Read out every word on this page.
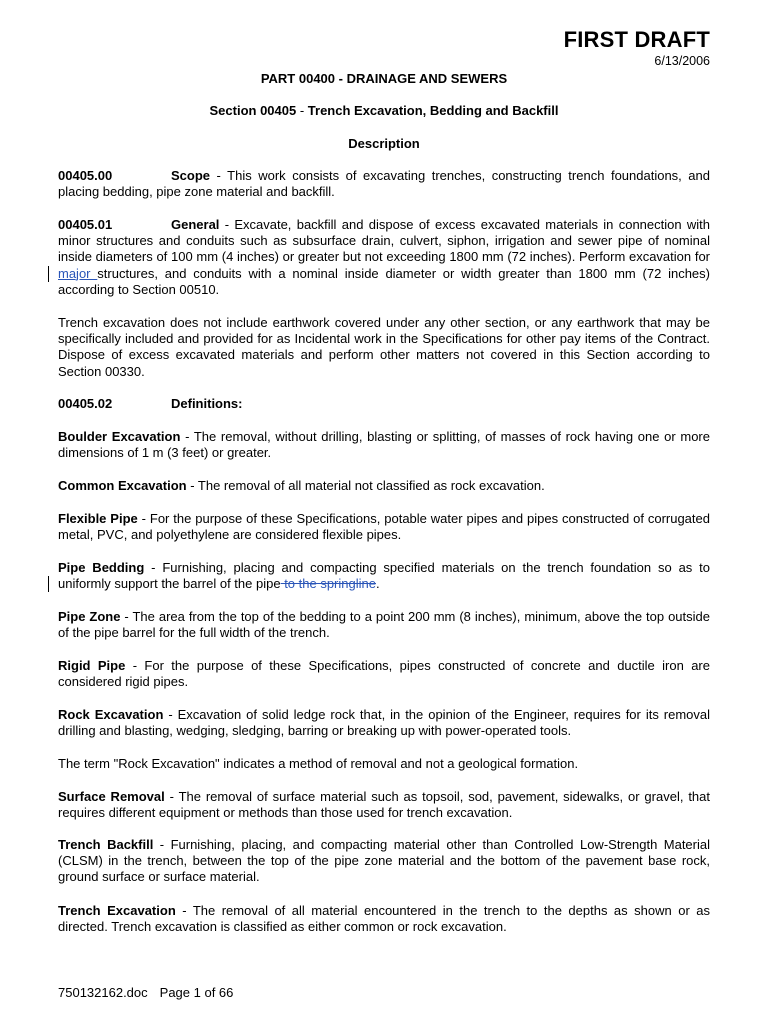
FIRST DRAFT
6/13/2006
PART 00400 - DRAINAGE AND SEWERS
Section 00405 - Trench Excavation, Bedding and Backfill
Description
00405.00	Scope - This work consists of excavating trenches, constructing trench foundations, and placing bedding, pipe zone material and backfill.
00405.01	General - Excavate, backfill and dispose of excess excavated materials in connection with minor structures and conduits such as subsurface drain, culvert, siphon, irrigation and sewer pipe of nominal inside diameters of 100 mm (4 inches) or greater but not exceeding 1800 mm (72 inches). Perform excavation for major structures, and conduits with a nominal inside diameter or width greater than 1800 mm (72 inches) according to Section 00510.
Trench excavation does not include earthwork covered under any other section, or any earthwork that may be specifically included and provided for as Incidental work in the Specifications for other pay items of the Contract. Dispose of excess excavated materials and perform other matters not covered in this Section according to Section 00330.
00405.02	Definitions:
Boulder Excavation - The removal, without drilling, blasting or splitting, of masses of rock having one or more dimensions of 1 m (3 feet) or greater.
Common Excavation - The removal of all material not classified as rock excavation.
Flexible Pipe - For the purpose of these Specifications, potable water pipes and pipes constructed of corrugated metal, PVC, and polyethylene are considered flexible pipes.
Pipe Bedding - Furnishing, placing and compacting specified materials on the trench foundation so as to uniformly support the barrel of the pipe to the springline.
Pipe Zone - The area from the top of the bedding to a point 200 mm (8 inches), minimum, above the top outside of the pipe barrel for the full width of the trench.
Rigid Pipe - For the purpose of these Specifications, pipes constructed of concrete and ductile iron are considered rigid pipes.
Rock Excavation - Excavation of solid ledge rock that, in the opinion of the Engineer, requires for its removal drilling and blasting, wedging, sledging, barring or breaking up with power-operated tools.
The term "Rock Excavation" indicates a method of removal and not a geological formation.
Surface Removal - The removal of surface material such as topsoil, sod, pavement, sidewalks, or gravel, that requires different equipment or methods than those used for trench excavation.
Trench Backfill - Furnishing, placing, and compacting material other than Controlled Low-Strength Material (CLSM) in the trench, between the top of the pipe zone material and the bottom of the pavement base rock, ground surface or surface material.
Trench Excavation - The removal of all material encountered in the trench to the depths as shown or as directed. Trench excavation is classified as either common or rock excavation.
750132162.doc Page 1 of 66
